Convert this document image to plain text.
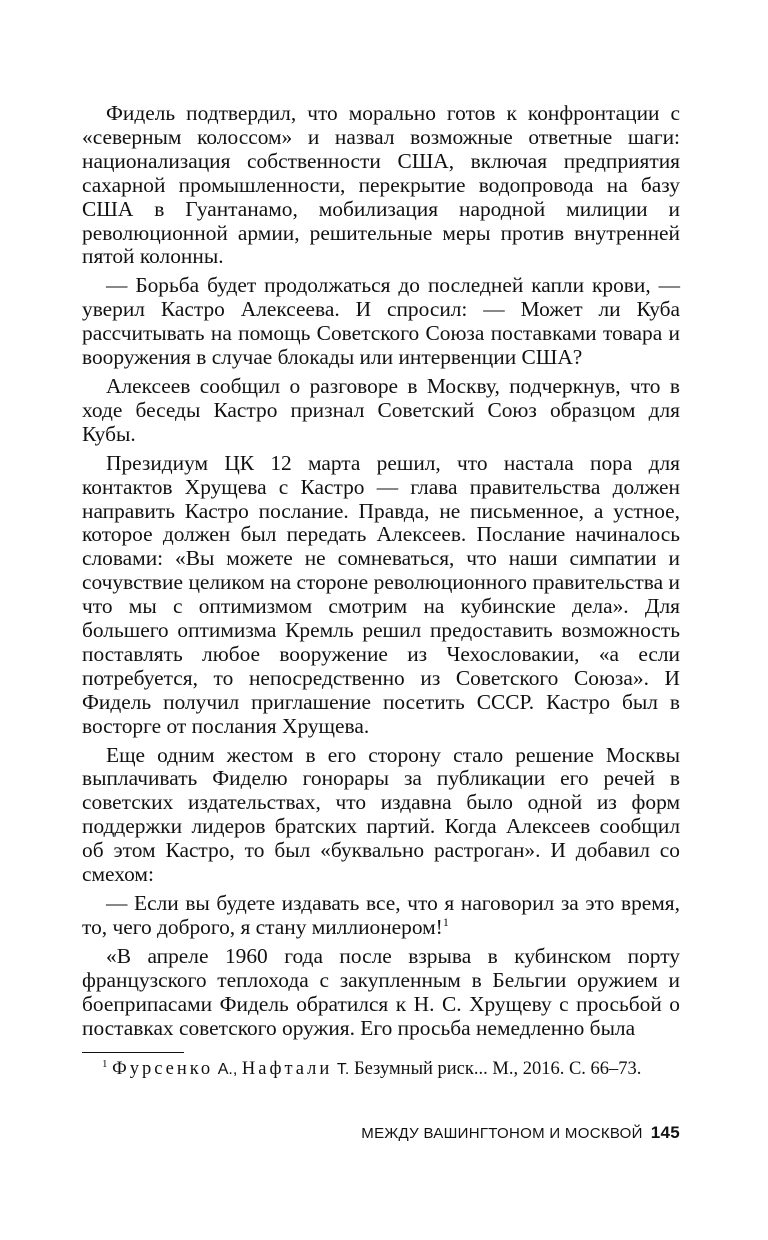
Фидель подтвердил, что морально готов к конфронтации с «северным колоссом» и назвал возможные ответные шаги: национализация собственности США, включая предприятия сахарной промышленности, перекрытие водопровода на базу США в Гуантанамо, мобилизация народной милиции и революционной армии, решительные меры против внутренней пятой колонны.

— Борьба будет продолжаться до последней капли крови, — уверил Кастро Алексеева. И спросил: — Может ли Куба рассчитывать на помощь Советского Союза поставками товара и вооружения в случае блокады или интервенции США?

Алексеев сообщил о разговоре в Москву, подчеркнув, что в ходе беседы Кастро признал Советский Союз образцом для Кубы.

Президиум ЦК 12 марта решил, что настала пора для контактов Хрущева с Кастро — глава правительства должен направить Кастро послание. Правда, не письменное, а устное, которое должен был передать Алексеев. Послание начиналось словами: «Вы можете не сомневаться, что наши симпатии и сочувствие целиком на стороне революционного правительства и что мы с оптимизмом смотрим на кубинские дела». Для большего оптимизма Кремль решил предоставить возможность поставлять любое вооружение из Чехословакии, «а если потребуется, то непосредственно из Советского Союза». И Фидель получил приглашение посетить СССР. Кастро был в восторге от послания Хрущева.

Еще одним жестом в его сторону стало решение Москвы выплачивать Фиделю гонорары за публикации его речей в советских издательствах, что издавна было одной из форм поддержки лидеров братских партий. Когда Алексеев сообщил об этом Кастро, то был «буквально растроган». И добавил со смехом:

— Если вы будете издавать все, что я наговорил за это время, то, чего доброго, я стану миллионером!$^1$

«В апреле 1960 года после взрыва в кубинском порту французского теплохода с закупленным в Бельгии оружием и боеприпасами Фидель обратился к Н. С. Хрущеву с просьбой о поставках советского оружия. Его просьба немедленно была

$^1$ Фурсенко А., Нафтали Т. Безумный риск... М., 2016. С. 66–73.

МЕЖДУ ВАШИНГТОНОМ И МОСКВОЙ 145
